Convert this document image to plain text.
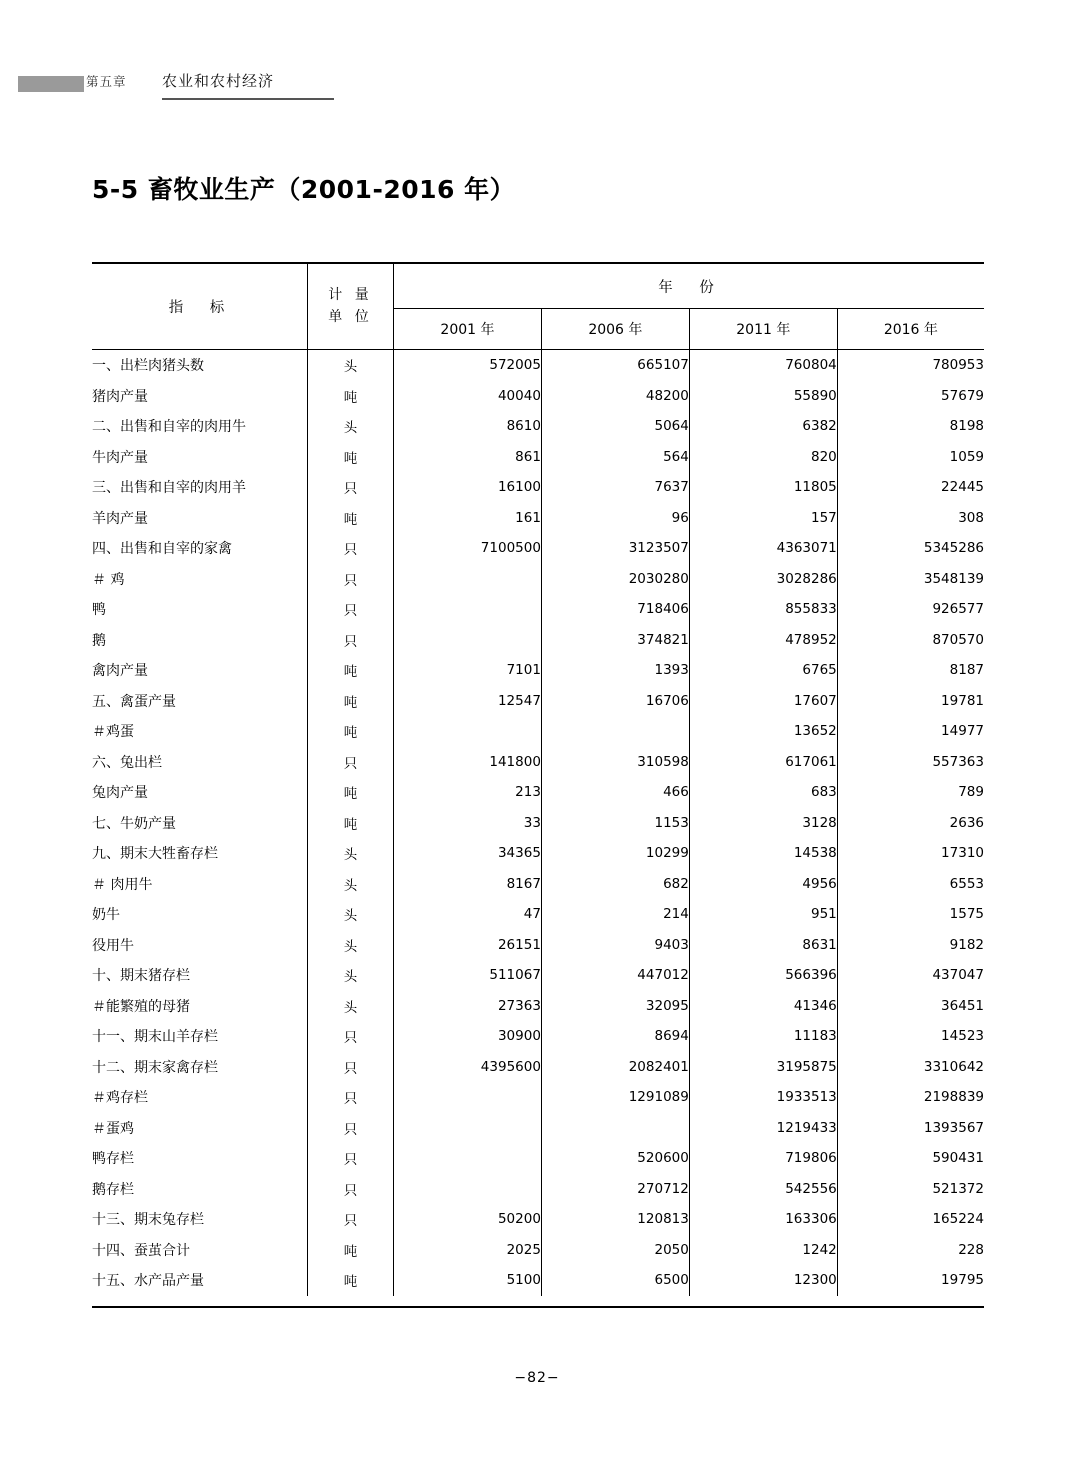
第五章 农业和农村经济
5-5 畜牧业生产（2001-2016 年）
指　标	计 量
单 位	年　份			
		2001 年	2006 年	2011 年	2016 年

一、出栏肉猪头数	头	572005	665107	760804	780953
猪肉产量	吨	40040	48200	55890	57679
二、出售和自宰的肉用牛	头	8610	5064	6382	8198
牛肉产量	吨	861	564	820	1059
三、出售和自宰的肉用羊	只	16100	7637	11805	22445
羊肉产量	吨	161	96	157	308
四、出售和自宰的家禽	只	7100500	3123507	4363071	5345286
＃ 鸡	只		2030280	3028286	3548139
鸭	只		718406	855833	926577
鹅	只		374821	478952	870570
禽肉产量	吨	7101	1393	6765	8187
五、禽蛋产量	吨	12547	16706	17607	19781
＃鸡蛋	吨			13652	14977
六、兔出栏	只	141800	310598	617061	557363
兔肉产量	吨	213	466	683	789
七、牛奶产量	吨	33	1153	3128	2636
九、期末大牲畜存栏	头	34365	10299	14538	17310
＃ 肉用牛	头	8167	682	4956	6553
奶牛	头	47	214	951	1575
役用牛	头	26151	9403	8631	9182
十、期末猪存栏	头	511067	447012	566396	437047
＃能繁殖的母猪	头	27363	32095	41346	36451
十一、期末山羊存栏	只	30900	8694	11183	14523
十二、期末家禽存栏	只	4395600	2082401	3195875	3310642
＃鸡存栏	只		1291089	1933513	2198839
＃蛋鸡	只			1219433	1393567
鸭存栏	只		520600	719806	590431
鹅存栏	只		270712	542556	521372
十三、期末兔存栏	只	50200	120813	163306	165224
十四、蚕茧合计	吨	2025	2050	1242	228
十五、水产品产量	吨	5100	6500	12300	19795
−82−
